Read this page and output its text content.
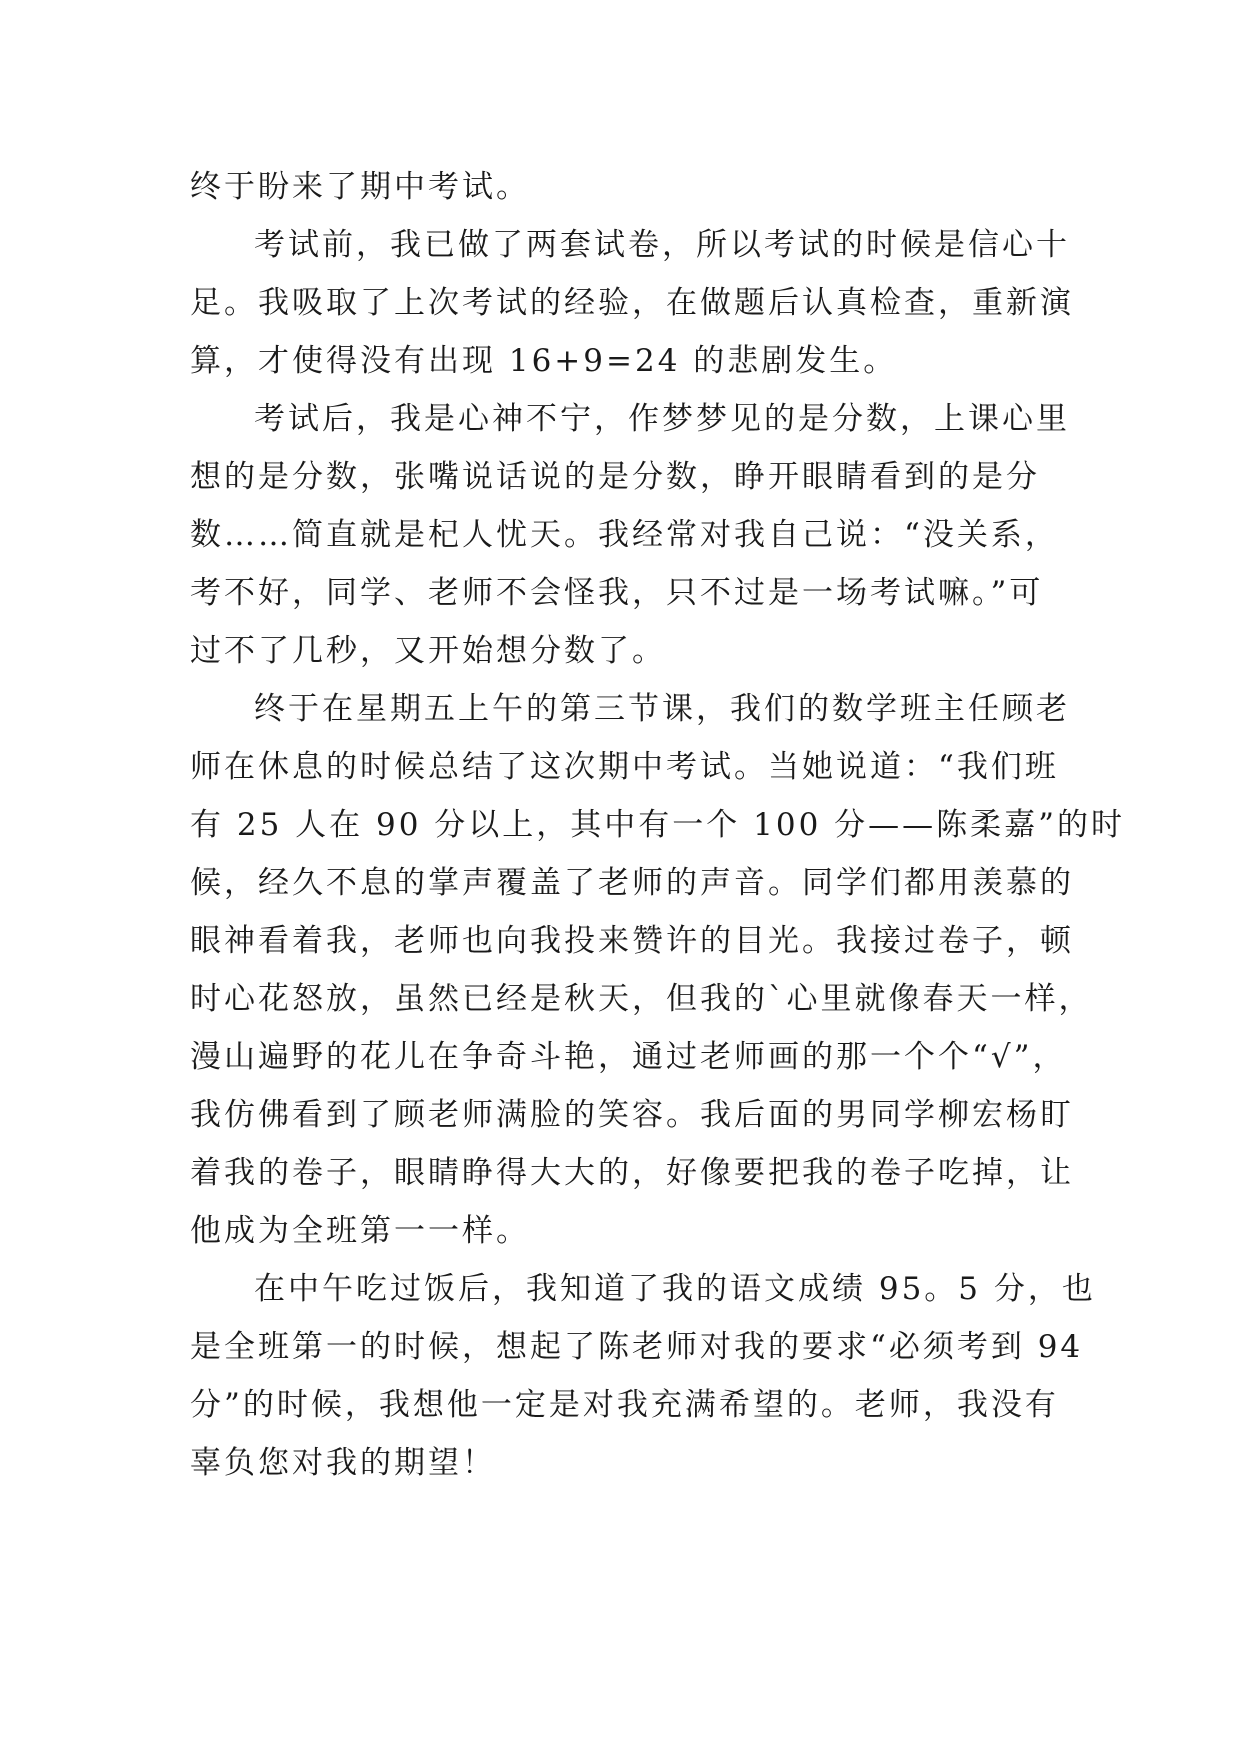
终于盼来了期中考试。
考试前，我已做了两套试卷，所以考试的时候是信心十
足。我吸取了上次考试的经验，在做题后认真检查，重新演
算，才使得没有出现 16+9=24 的悲剧发生。
考试后，我是心神不宁，作梦梦见的是分数，上课心里
想的是分数，张嘴说话说的是分数，睁开眼睛看到的是分
数……简直就是杞人忧天。我经常对我自己说：“没关系，
考不好，同学、老师不会怪我，只不过是一场考试嘛。”可
过不了几秒，又开始想分数了。
终于在星期五上午的第三节课，我们的数学班主任顾老
师在休息的时候总结了这次期中考试。当她说道：“我们班
有 25 人在 90 分以上，其中有一个 100 分——陈柔嘉”的时
候，经久不息的掌声覆盖了老师的声音。同学们都用羡慕的
眼神看着我，老师也向我投来赞许的目光。我接过卷子，顿
时心花怒放，虽然已经是秋天，但我的`心里就像春天一样，
漫山遍野的花儿在争奇斗艳，通过老师画的那一个个“√”，
我仿佛看到了顾老师满脸的笑容。我后面的男同学柳宏杨盯
着我的卷子，眼睛睁得大大的，好像要把我的卷子吃掉，让
他成为全班第一一样。
在中午吃过饭后，我知道了我的语文成绩 95。5 分，也
是全班第一的时候，想起了陈老师对我的要求“必须考到 94
分”的时候，我想他一定是对我充满希望的。老师，我没有
辜负您对我的期望！
